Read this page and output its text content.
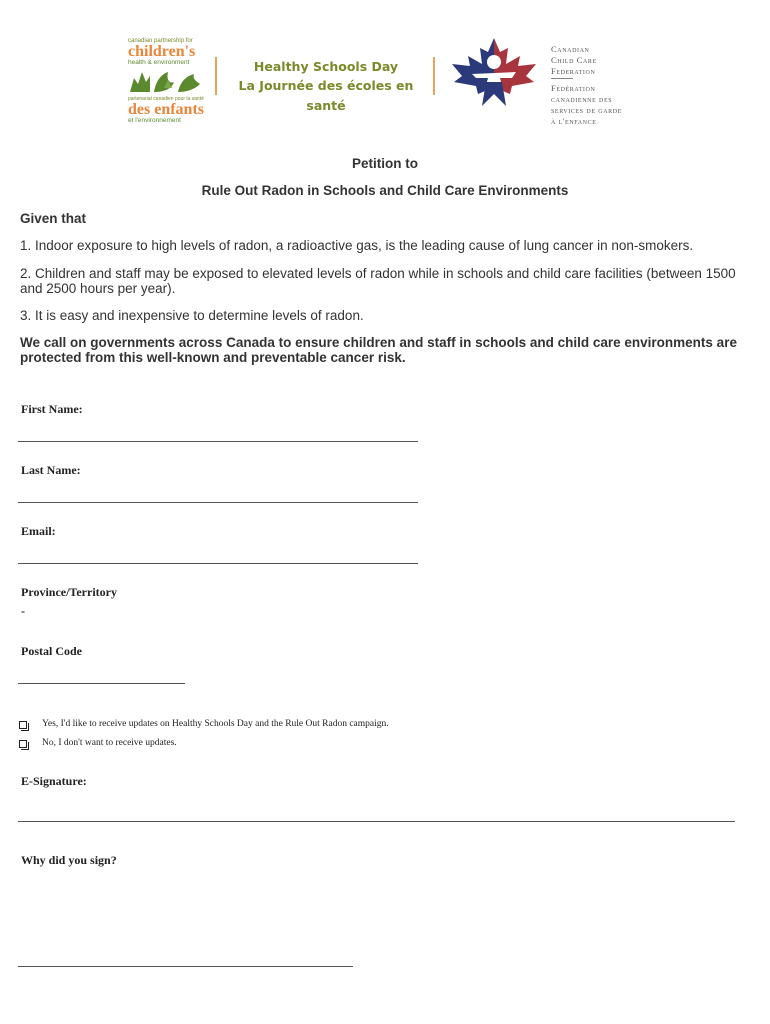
canadian partnership for
children's
health & environment
partenariat canadien pour la santé
des enfants
et l'environnement
Healthy Schools Day
La Journée des écoles en santé
Canadian
Child Care
Federation
Fédération
canadienne des
services de garde
à l'enfance
Petition to
Rule Out Radon in Schools and Child Care Environments
Given that
1. Indoor exposure to high levels of radon, a radioactive gas, is the leading cause of lung cancer in non-smokers.
2. Children and staff may be exposed to elevated levels of radon while in schools and child care facilities (between 1500 and 2500 hours per year).
3. It is easy and inexpensive to determine levels of radon.
We call on governments across Canada to ensure children and staff in schools and child care environments are protected from this well-known and preventable cancer risk.
First Name:
Last Name:
Email:
Province/Territory
-
Postal Code
Yes, I'd like to receive updates on Healthy Schools Day and the Rule Out Radon campaign.
No, I don't want to receive updates.
E-Signature:
Why did you sign?
